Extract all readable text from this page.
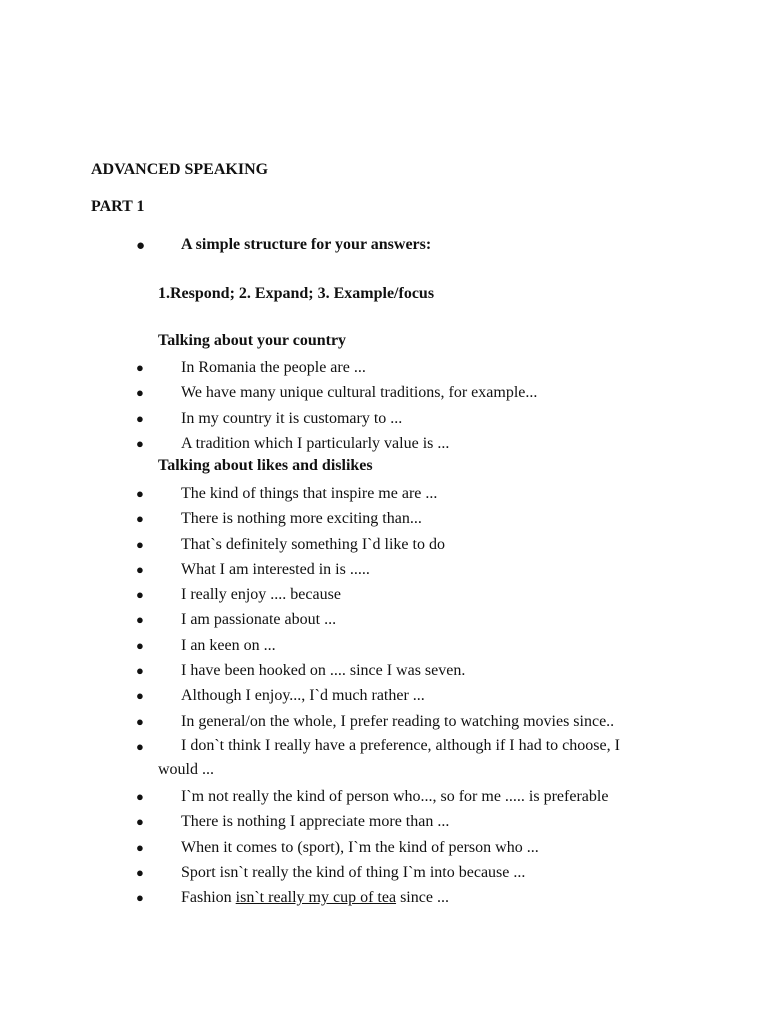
ADVANCED SPEAKING
PART 1
● A simple structure for your answers:
1.Respond; 2. Expand; 3. Example/focus
Talking about your country
●	In Romania the people are ...
●	We have many unique cultural traditions, for example...
●	In my country it is customary to ...
●	A tradition which I particularly value is ...
Talking about likes and dislikes
●	The kind of things that inspire me are ...
●	There is nothing more exciting than...
●	That`s definitely something I`d like to do
●	What I am interested in is .....
●	I really enjoy .... because
●	I am passionate about ...
●	I an keen on ...
●	I have been hooked on .... since I was seven.
●	Although I enjoy..., I`d much rather ...
●	In general/on the whole, I prefer reading to watching movies since..
●	I don`t think I really have a preference, although if I had to choose, I would ...
●	I`m not really the kind of person who..., so for me ..... is preferable
●	There is nothing I appreciate more than ...
●	When it comes to (sport), I`m the kind of person who ...
●	Sport isn`t really the kind of thing I`m into because ...
●	Fashion isn`t really my cup of tea since ...
